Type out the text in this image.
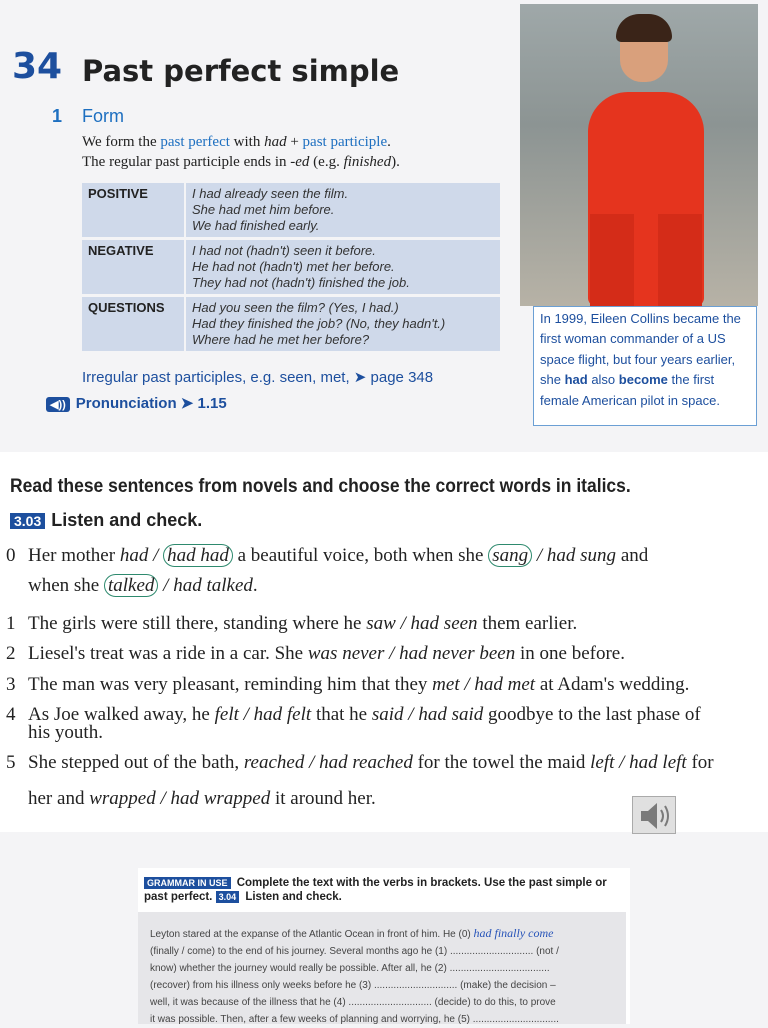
34 Past perfect simple
1 Form
We form the past perfect with had + past participle.
The regular past participle ends in -ed (e.g. finished).
POSITIVE	I had already seen the film.
She had met him before.
We had finished early.

NEGATIVE	I had not (hadn't) seen it before.
He had not (hadn't) met her before.
They had not (hadn't) finished the job.

QUESTIONS	Had you seen the film? (Yes, I had.)
Had they finished the job? (No, they hadn't.)
Where had he met her before?
Irregular past participles, e.g. seen, met, ➤ page 348
◀)) Pronunciation ➤ 1.15
In 1999, Eileen Collins became the first woman commander of a US space flight, but four years earlier, she had also become the first female American pilot in space.
Read these sentences from novels and choose the correct words in italics.
3.03 Listen and check.
0 Her mother had / had had a beautiful voice, both when she sang / had sung and
when she talked / had talked.
1 The girls were still there, standing where he saw / had seen them earlier.
2 Liesel's treat was a ride in a car. She was never / had never been in one before.
3 The man was very pleasant, reminding him that they met / had met at Adam's wedding.
4 As Joe walked away, he felt / had felt that he said / had said goodbye to the last phase of
his youth.
5 She stepped out of the bath, reached / had reached for the towel the maid left / had left for
her and wrapped / had wrapped it around her.
GRAMMAR IN USE Complete the text with the verbs in brackets. Use the past simple or past perfect. 3.04 Listen and check.
Leyton stared at the expanse of the Atlantic Ocean in front of him. He (0) had finally come
(finally / come) to the end of his journey. Several months ago he (1) .............................. (not /
know) whether the journey would really be possible. After all, he (2) ....................................
(recover) from his illness only weeks before he (3) .............................. (make) the decision –
well, it was because of the illness that he (4) .............................. (decide) to do this, to prove
it was possible. Then, after a few weeks of planning and worrying, he (5) ...............................
